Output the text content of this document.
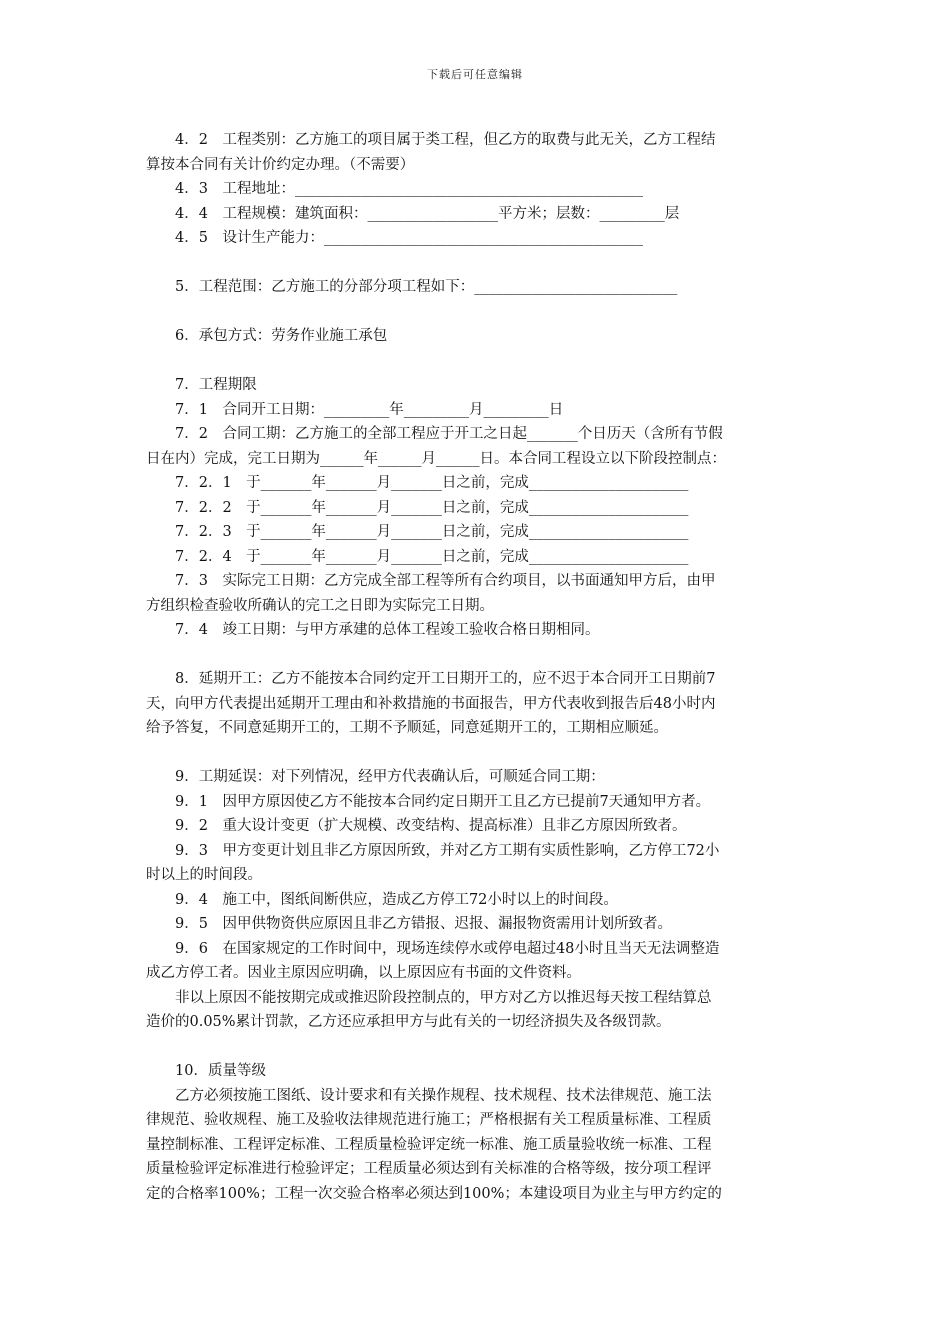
下载后可任意编辑

4．2　工程类别：乙方施工的项目属于类工程，但乙方的取费与此无关，乙方工程结

算按本合同有关计价约定办理。（不需要）

4．3　工程地址：________________________________________________

4．4　工程规模：建筑面积：__________________平方米；层数：_________层

4．5　设计生产能力：____________________________________________

5．工程范围：乙方施工的分部分项工程如下：____________________________

6．承包方式：劳务作业施工承包

7．工程期限

7．1　合同开工日期：_________年_________月_________日

7．2　合同工期：乙方施工的全部工程应于开工之日起_______个日历天（含所有节假

日在内）完成，完工日期为______年______月______日。本合同工程设立以下阶段控制点：

7．2．1　于_______年_______月_______日之前，完成______________________

7．2．2　于_______年_______月_______日之前，完成______________________

7．2．3　于_______年_______月_______日之前，完成______________________

7．2．4　于_______年_______月_______日之前，完成______________________

7．3　实际完工日期：乙方完成全部工程等所有合约项目，以书面通知甲方后，由甲

方组织检查验收所确认的完工之日即为实际完工日期。

7．4　竣工日期：与甲方承建的总体工程竣工验收合格日期相同。

8．延期开工：乙方不能按本合同约定开工日期开工的，应不迟于本合同开工日期前7

天，向甲方代表提出延期开工理由和补救措施的书面报告，甲方代表收到报告后48小时内

给予答复，不同意延期开工的，工期不予顺延，同意延期开工的，工期相应顺延。

9．工期延误：对下列情况，经甲方代表确认后，可顺延合同工期：

9．1　因甲方原因使乙方不能按本合同约定日期开工且乙方已提前7天通知甲方者。

9．2　重大设计变更（扩大规模、改变结构、提高标准）且非乙方原因所致者。

9．3　甲方变更计划且非乙方原因所致，并对乙方工期有实质性影响，乙方停工72小

时以上的时间段。

9．4　施工中，图纸间断供应，造成乙方停工72小时以上的时间段。

9．5　因甲供物资供应原因且非乙方错报、迟报、漏报物资需用计划所致者。

9．6　在国家规定的工作时间中，现场连续停水或停电超过48小时且当天无法调整造

成乙方停工者。因业主原因应明确，以上原因应有书面的文件资料。

非以上原因不能按期完成或推迟阶段控制点的，甲方对乙方以推迟每天按工程结算总

造价的0.05%累计罚款，乙方还应承担甲方与此有关的一切经济损失及各级罚款。

10．质量等级

乙方必须按施工图纸、设计要求和有关操作规程、技术规程、技术法律规范、施工法

律规范、验收规程、施工及验收法律规范进行施工；严格根据有关工程质量标准、工程质

量控制标准、工程评定标准、工程质量检验评定统一标准、施工质量验收统一标准、工程

质量检验评定标准进行检验评定；工程质量必须达到有关标准的合格等级，按分项工程评

定的合格率100%；工程一次交验合格率必须达到100%；本建设项目为业主与甲方约定的
